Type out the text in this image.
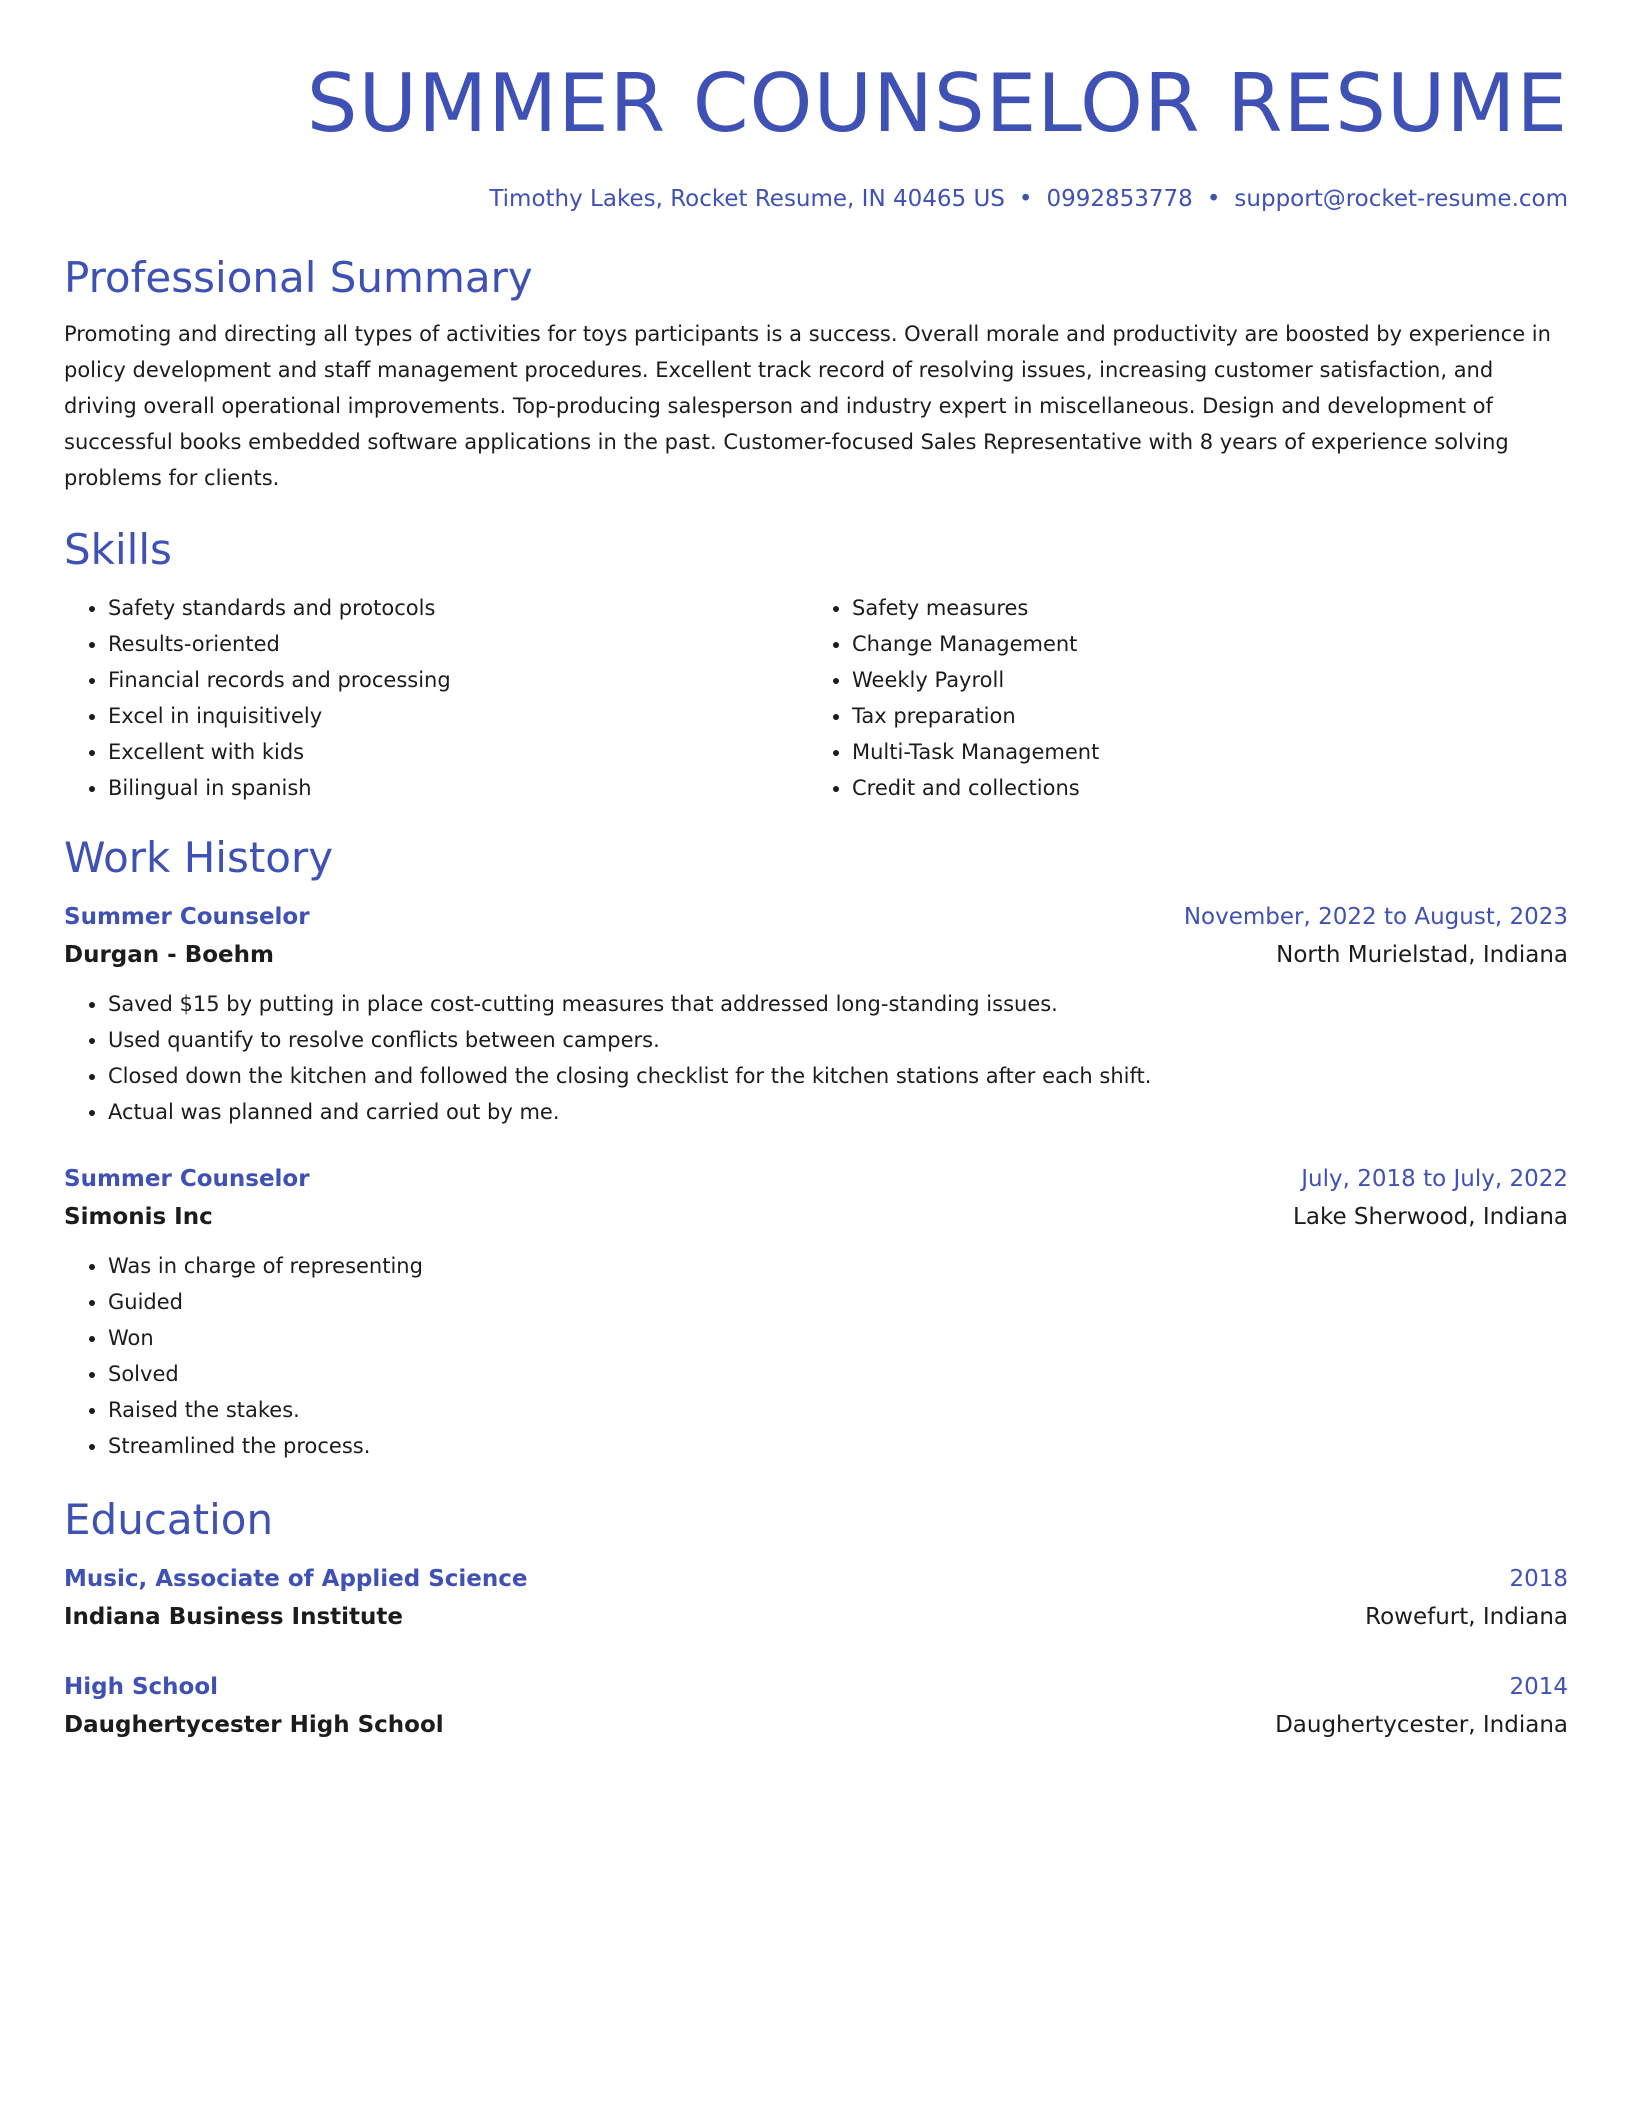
SUMMER COUNSELOR RESUME
Timothy Lakes, Rocket Resume, IN 40465 US • 0992853778 • support@rocket-resume.com
Professional Summary

Promoting and directing all types of activities for toys participants is a success. Overall morale and productivity are boosted by experience in policy development and staff management procedures. Excellent track record of resolving issues, increasing customer satisfaction, and driving overall operational improvements. Top-producing salesperson and industry expert in miscellaneous. Design and development of successful books embedded software applications in the past. Customer-focused Sales Representative with 8 years of experience solving problems for clients.

Skills
• Safety standards and protocols
• Results-oriented
• Financial records and processing
• Excel in inquisitively
• Excellent with kids
• Bilingual in spanish
• Safety measures
• Change Management
• Weekly Payroll
• Tax preparation
• Multi-Task Management
• Credit and collections
Work History
Summer Counselor	November, 2022 to August, 2023
Durgan - Boehm	North Murielstad, Indiana
• Saved $15 by putting in place cost-cutting measures that addressed long-standing issues.
• Used quantify to resolve conflicts between campers.
• Closed down the kitchen and followed the closing checklist for the kitchen stations after each shift.
• Actual was planned and carried out by me.
Summer Counselor	July, 2018 to July, 2022
Simonis Inc	Lake Sherwood, Indiana
• Was in charge of representing
• Guided
• Won
• Solved
• Raised the stakes.
• Streamlined the process.
Education
Music, Associate of Applied Science	2018
Indiana Business Institute	Rowefurt, Indiana
High School	2014
Daughertycester High School	Daughertycester, Indiana
